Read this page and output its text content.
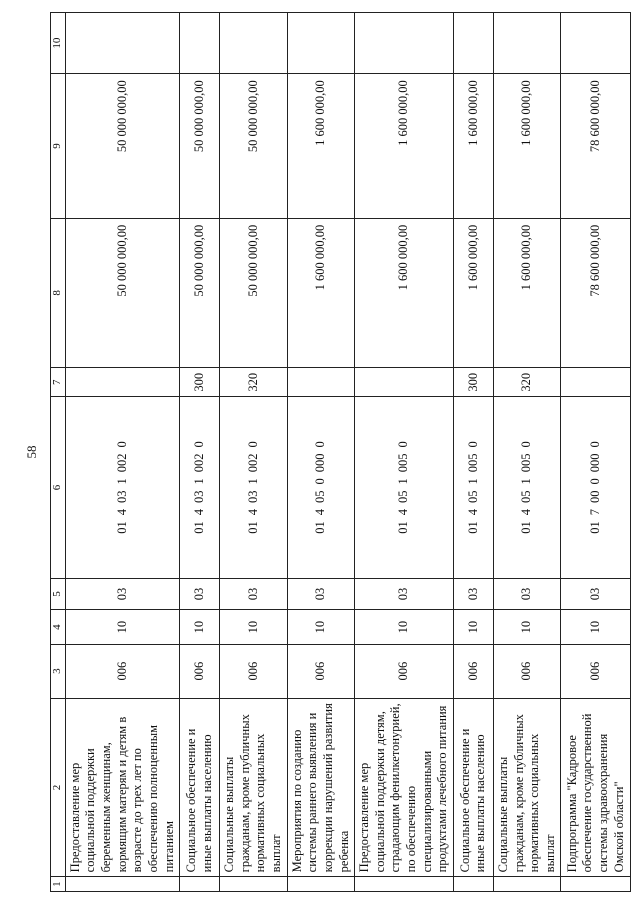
58
1	2	3	4	5	6	7	8	9	10
	Предоставление мер социальной поддержки беременным женщинам, кормящим матерям и детям в возрасте до трех лет по обеспечению полноценным питанием	006	10	03	0140310020		50 000 000,00	50 000 000,00	
	Социальное обеспечение и иные выплаты населению	006	10	03	0140310020	300	50 000 000,00	50 000 000,00	
	Социальные выплаты гражданам, кроме публичных нормативных социальных выплат	006	10	03	0140310020	320	50 000 000,00	50 000 000,00	
	Мероприятия по созданию системы раннего выявления и коррекции нарушений развития ребенка	006	10	03	0140500000		1 600 000,00	1 600 000,00	
	Предоставление мер социальной поддержки детям, страдающим фенилкетонурией, по обеспечению специализированными продуктами лечебного питания	006	10	03	0140510050		1 600 000,00	1 600 000,00	
	Социальное обеспечение и иные выплаты населению	006	10	03	0140510050	300	1 600 000,00	1 600 000,00	
	Социальные выплаты гражданам, кроме публичных нормативных социальных выплат	006	10	03	0140510050	320	1 600 000,00	1 600 000,00	
	Подпрограмма "Кадровое обеспечение государственной системы здравоохранения Омской области"	006	10	03	0170000000		78 600 000,00	78 600 000,00	
